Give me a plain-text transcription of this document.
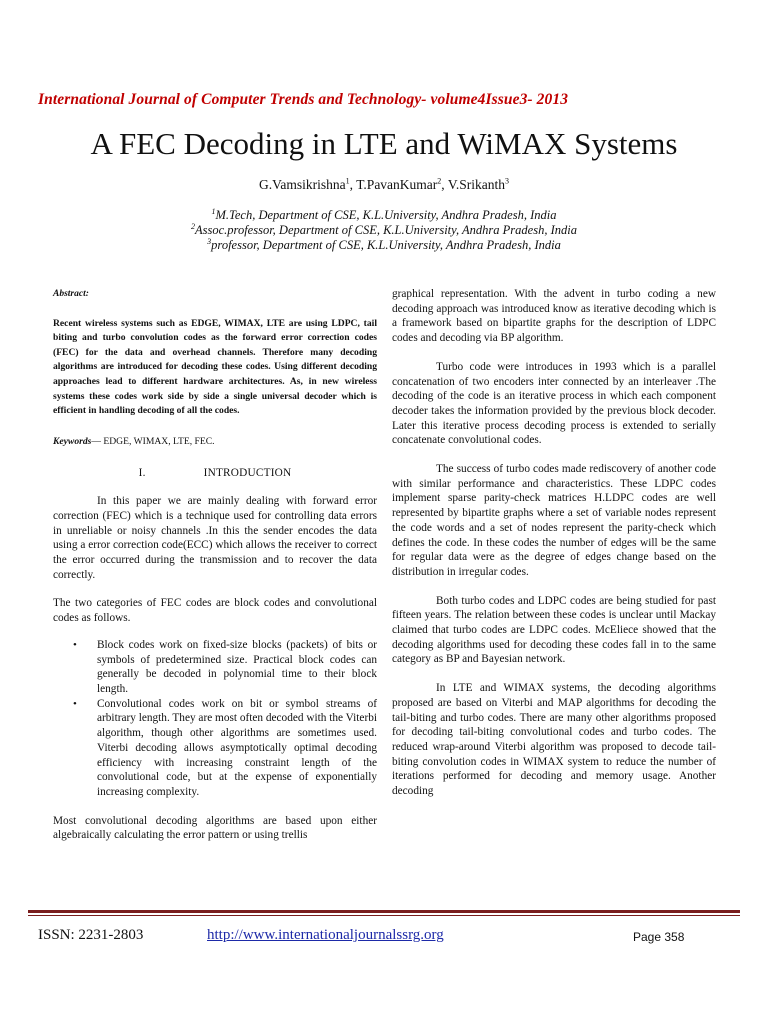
International Journal of Computer Trends and Technology- volume4Issue3- 2013
A FEC Decoding in LTE and WiMAX Systems
G.Vamsikrishna$^1$, T.PavanKumar$^2$, V.Srikanth$^3$
$^1$M.Tech, Department of CSE, K.L.University, Andhra Pradesh, India
$^2$Assoc.professor, Department of CSE, K.L.University, Andhra Pradesh, India
$^3$professor, Department of CSE, K.L.University, Andhra Pradesh, India

Abstract:

Recent wireless systems such as EDGE, WIMAX, LTE are using LDPC, tail biting and turbo convolution codes as the forward error correction codes (FEC) for the data and overhead channels. Therefore many decoding algorithms are introduced for decoding these codes. Using different decoding approaches lead to different hardware architectures. As, in new wireless systems these codes work side by side a single universal decoder which is efficient in handling decoding of all the codes.

Keywords— EDGE, WIMAX, LTE, FEC.

I.	INTRODUCTION

In this paper we are mainly dealing with forward error correction (FEC) which is a technique used for controlling data errors in unreliable or noisy channels .In this the sender encodes the data using a error correction code(ECC) which allows the receiver to correct the error occurred during the transmission and to recover the data correctly.

The two categories of FEC codes are block codes and convolutional codes as follows.

• Block codes work on fixed-size blocks (packets) of bits or symbols of predetermined size. Practical block codes can generally be decoded in polynomial time to their block length.
• Convolutional codes work on bit or symbol streams of arbitrary length. They are most often decoded with the Viterbi algorithm, though other algorithms are sometimes used. Viterbi decoding allows asymptotically optimal decoding efficiency with increasing constraint length of the convolutional code, but at the expense of exponentially increasing complexity.

Most convolutional decoding algorithms are based upon either algebraically calculating the error pattern or using trellis

graphical representation. With the advent in turbo coding a new decoding approach was introduced know as iterative decoding which is a framework based on bipartite graphs for the description of LDPC codes and decoding via BP algorithm.

Turbo code were introduces in 1993 which is a parallel concatenation of two encoders inter connected by an interleaver .The decoding of the code is an iterative process in which each component decoder takes the information provided by the previous block decoder. Later this iterative process decoding process is extended to serially concatenate convolutional codes.

The success of turbo codes made rediscovery of another code with similar performance and characteristics. These LDPC codes implement sparse parity-check matrices H.LDPC codes are well represented by bipartite graphs where a set of variable nodes represent the code words and a set of nodes represent the parity-check which defines the code. In these codes the number of edges will be the same for regular data were as the degree of edges change based on the distribution in irregular codes.

Both turbo codes and LDPC codes are being studied for past fifteen years. The relation between these codes is unclear until Mackay claimed that turbo codes are LDPC codes. McEliece showed that the decoding algorithms used for decoding these codes fall in to the same category as BP and Bayesian network.

In LTE and WIMAX systems, the decoding algorithms proposed are based on Viterbi and MAP algorithms for decoding the tail-biting and turbo codes. There are many other algorithms proposed for decoding tail-biting convolutional codes and turbo codes. The reduced wrap-around Viterbi algorithm was proposed to decode tail-biting convolution codes in WIMAX system to reduce the number of iterations performed for decoding and memory usage. Another decoding

ISSN: 2231-2803	http://www.internationaljournalssrg.org	Page 358
